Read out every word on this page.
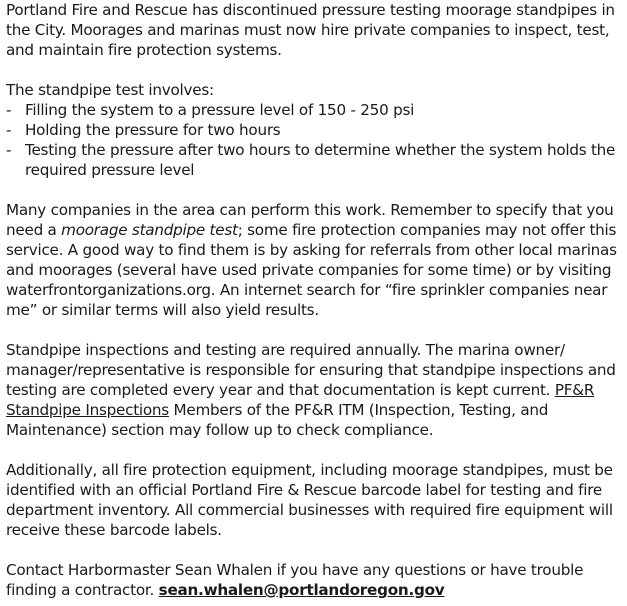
Portland Fire and Rescue has discontinued pressure testing moorage standpipes in the City. Moorages and marinas must now hire private companies to inspect, test, and maintain fire protection systems.

The standpipe test involves:

- Filling the system to a pressure level of 150 - 250 psi
- Holding the pressure for two hours
- Testing the pressure after two hours to determine whether the system holds the required pressure level

Many companies in the area can perform this work. Remember to specify that you need a moorage standpipe test; some fire protection companies may not offer this service. A good way to find them is by asking for referrals from other local marinas and moorages (several have used private companies for some time) or by visiting waterfrontorganizations.org. An internet search for “fire sprinkler companies near me” or similar terms will also yield results.

Standpipe inspections and testing are required annually. The marina owner/ manager/representative is responsible for ensuring that standpipe inspections and testing are completed every year and that documentation is kept current. PF&R Standpipe Inspections Members of the PF&R ITM (Inspection, Testing, and Maintenance) section may follow up to check compliance.

Additionally, all fire protection equipment, including moorage standpipes, must be identified with an official Portland Fire & Rescue barcode label for testing and fire department inventory. All commercial businesses with required fire equipment will receive these barcode labels.

Contact Harbormaster Sean Whalen if you have any questions or have trouble finding a contractor. sean.whalen@portlandoregon.gov
